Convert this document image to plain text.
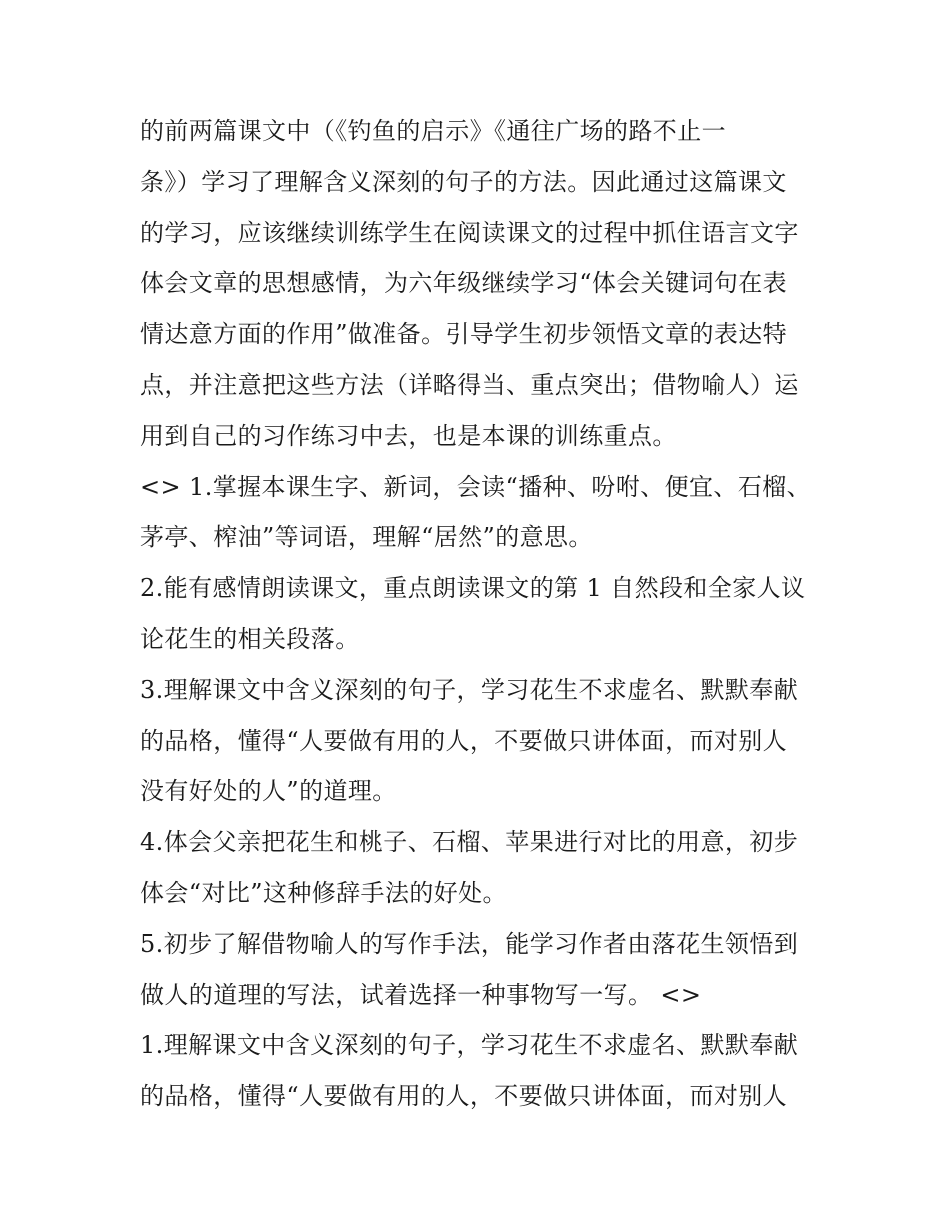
的前两篇课文中（《钓鱼的启示》《通往广场的路不止一
条》）学习了理解含义深刻的句子的方法。因此通过这篇课文
的学习，应该继续训练学生在阅读课文的过程中抓住语言文字
体会文章的思想感情，为六年级继续学习“体会关键词句在表
情达意方面的作用”做准备。引导学生初步领悟文章的表达特
点，并注意把这些方法（详略得当、重点突出；借物喻人）运
用到自己的习作练习中去，也是本课的训练重点。
<> 1.掌握本课生字、新词，会读“播种、吩咐、便宜、石榴、
茅亭、榨油”等词语，理解“居然”的意思。
2.能有感情朗读课文，重点朗读课文的第 1 自然段和全家人议
论花生的相关段落。
3.理解课文中含义深刻的句子，学习花生不求虚名、默默奉献
的品格，懂得“人要做有用的人，不要做只讲体面，而对别人
没有好处的人”的道理。
4.体会父亲把花生和桃子、石榴、苹果进行对比的用意，初步
体会“对比”这种修辞手法的好处。
5.初步了解借物喻人的写作手法，能学习作者由落花生领悟到
做人的道理的写法，试着选择一种事物写一写。 <>
1.理解课文中含义深刻的句子，学习花生不求虚名、默默奉献
的品格，懂得“人要做有用的人，不要做只讲体面，而对别人
